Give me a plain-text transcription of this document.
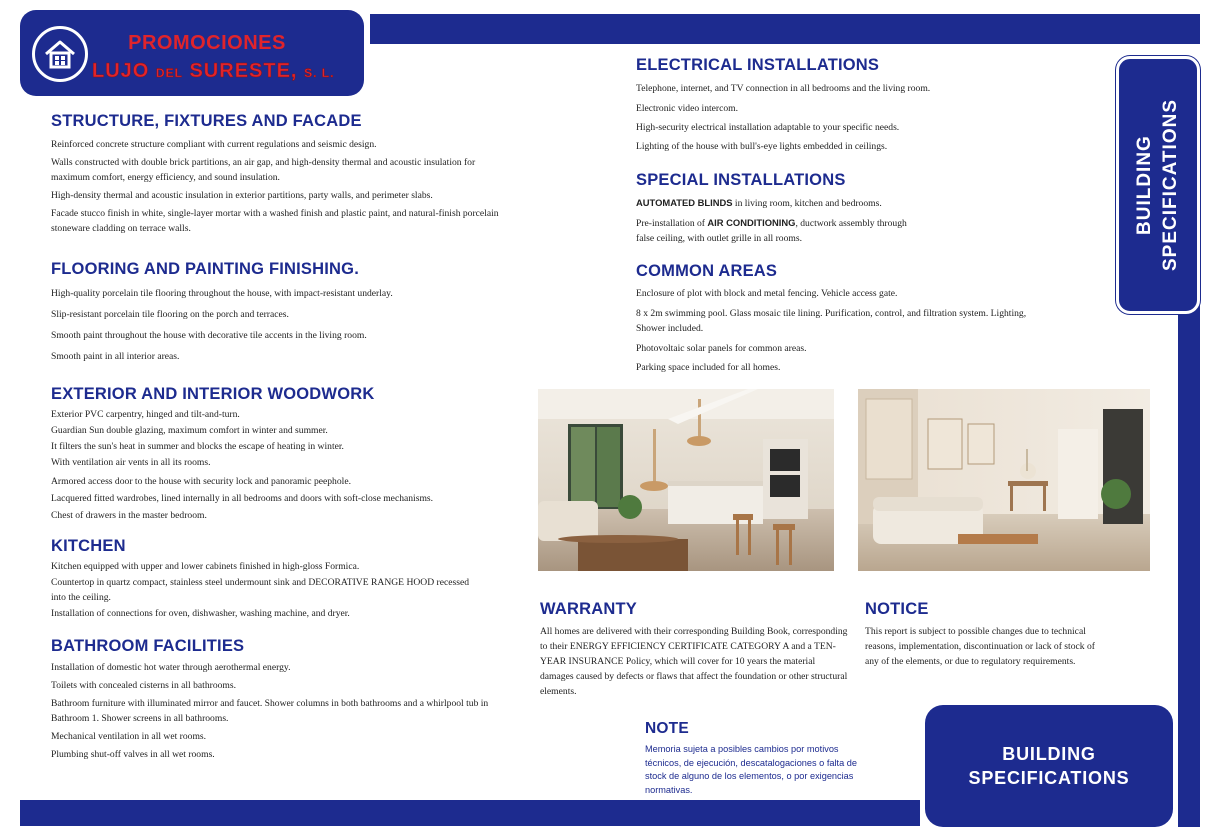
PROMOCIONES
LUJO DEL SURESTE, S. L.
BUILDING
SPECIFICATIONS
BUILDING
SPECIFICATIONS
STRUCTURE, FIXTURES AND FACADE

Reinforced concrete structure compliant with current regulations and seismic design.

Walls constructed with double brick partitions, an air gap, and high-density thermal and acoustic insulation for maximum comfort, energy efficiency, and sound insulation.

High-density thermal and acoustic insulation in exterior partitions, party walls, and perimeter slabs.

Facade stucco finish in white, single-layer mortar with a washed finish and plastic paint, and natural-finish porcelain stoneware cladding on terrace walls.

FLOORING AND PAINTING FINISHING.

High-quality porcelain tile flooring throughout the house, with impact-resistant underlay.

Slip-resistant porcelain tile flooring on the porch and terraces.

Smooth paint throughout the house with decorative tile accents in the living room.

Smooth paint in all interior areas.

EXTERIOR AND INTERIOR WOODWORK

Exterior PVC carpentry, hinged and tilt-and-turn.

Guardian Sun double glazing, maximum comfort in winter and summer.

It filters the sun's heat in summer and blocks the escape of heating in winter.

With ventilation air vents in all its rooms.

Armored access door to the house with security lock and panoramic peephole.

Lacquered fitted wardrobes, lined internally in all bedrooms and doors with soft-close mechanisms.

Chest of drawers in the master bedroom.

KITCHEN

Kitchen equipped with upper and lower cabinets finished in high-gloss Formica.

Countertop in quartz compact, stainless steel undermount sink and DECORATIVE RANGE HOOD recessed into the ceiling.

Installation of connections for oven, dishwasher, washing machine, and dryer.

BATHROOM FACILITIES

Installation of domestic hot water through aerothermal energy.

Toilets with concealed cisterns in all bathrooms.

Bathroom furniture with illuminated mirror and faucet. Shower columns in both bathrooms and a whirlpool tub in Bathroom 1. Shower screens in all bathrooms.

Mechanical ventilation in all wet rooms.

Plumbing shut-off valves in all wet rooms.

ELECTRICAL INSTALLATIONS

Telephone, internet, and TV connection in all bedrooms and the living room.

Electronic video intercom.

High-security electrical installation adaptable to your specific needs.

Lighting of the house with bull's-eye lights embedded in ceilings.

SPECIAL INSTALLATIONS

AUTOMATED BLINDS in living room, kitchen and bedrooms.

Pre-installation of AIR CONDITIONING, ductwork assembly through false ceiling, with outlet grille in all rooms.

COMMON AREAS

Enclosure of plot with block and metal fencing. Vehicle access gate.

8 x 2m swimming pool. Glass mosaic tile lining. Purification, control, and filtration system. Lighting, Shower included.

Photovoltaic solar panels for common areas.

Parking space included for all homes.

WARRANTY

All homes are delivered with their corresponding Building Book, corresponding to their ENERGY EFFICIENCY CERTIFICATE CATEGORY A and a TEN-YEAR INSURANCE Policy, which will cover for 10 years the material damages caused by defects or flaws that affect the foundation or other structural elements.

NOTICE

This report is subject to possible changes due to technical reasons, implementation, discontinuation or lack of stock of any of the elements, or due to regulatory requirements.

NOTE

Memoria sujeta a posibles cambios por motivos técnicos, de ejecución, descatalogaciones o falta de stock de alguno de los elementos, o por exigencias normativas.
